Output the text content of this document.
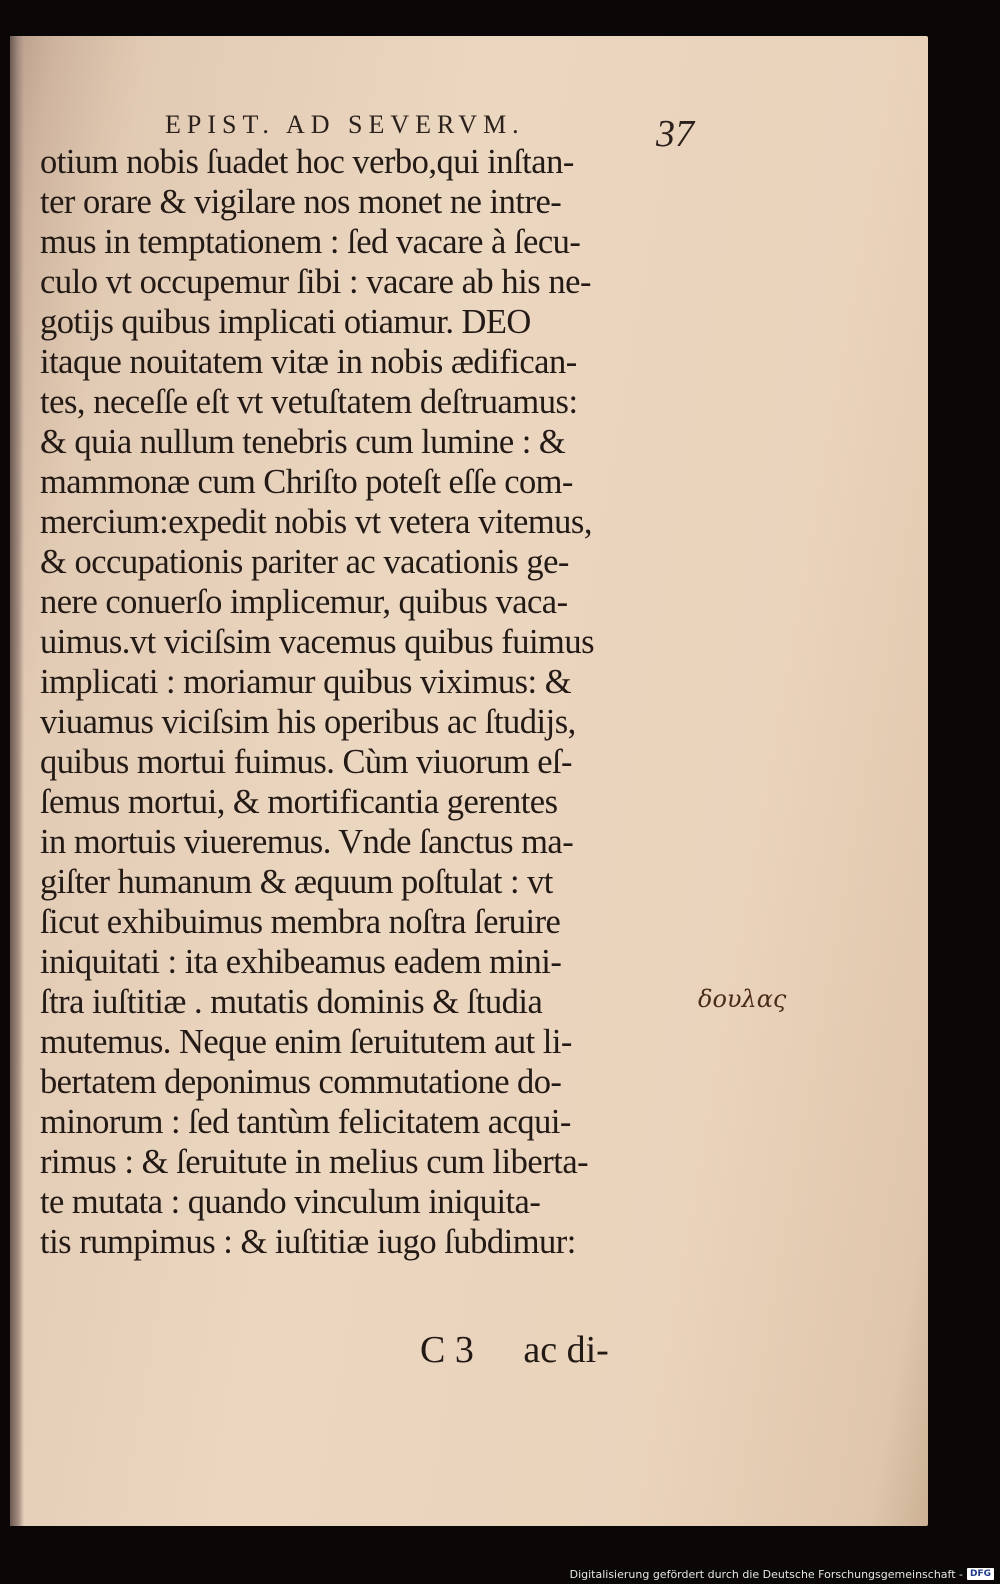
EPIST. AD SEVERVM.	37
otium nobis ſuadet hoc verbo,qui inſtan-
ter orare & vigilare nos monet ne intre-
mus in temptationem : ſed vacare à ſecu-
culo vt occupemur ſibi : vacare ab his ne-
gotijs quibus implicati otiamur. DEO
itaque nouitatem vitæ in nobis ædifican-
tes, neceſſe eſt vt vetuſtatem deſtruamus:
& quia nullum tenebris cum lumine : &
mammonæ cum Chriſto poteſt eſſe com-
mercium:expedit nobis vt vetera vitemus,
& occupationis pariter ac vacationis ge-
nere conuerſo implicemur, quibus vaca-
uimus.vt viciſsim vacemus quibus fuimus
implicati : moriamur quibus viximus: &
viuamus viciſsim his operibus ac ſtudijs,
quibus mortui fuimus. Cùm viuorum eſ-
ſemus mortui, & mortificantia gerentes
in mortuis viueremus. Vnde ſanctus ma-
giſter humanum & æquum poſtulat : vt
ſicut exhibuimus membra noſtra ſeruire
iniquitati : ita exhibeamus eadem mini-
ſtra iuſtitiæ . mutatis dominis & ſtudia
mutemus. Neque enim ſeruitutem aut li-
bertatem deponimus commutatione do-
minorum : ſed tantùm felicitatem acqui-
rimus : & ſeruitute in melius cum liberta-
te mutata : quando vinculum iniquita-
tis rumpimus : & iuſtitiæ iugo ſubdimur:
C 3 ac di-
δουλας
Digitalisierung gefördert durch die Deutsche Forschungsgemeinschaft - DFG
